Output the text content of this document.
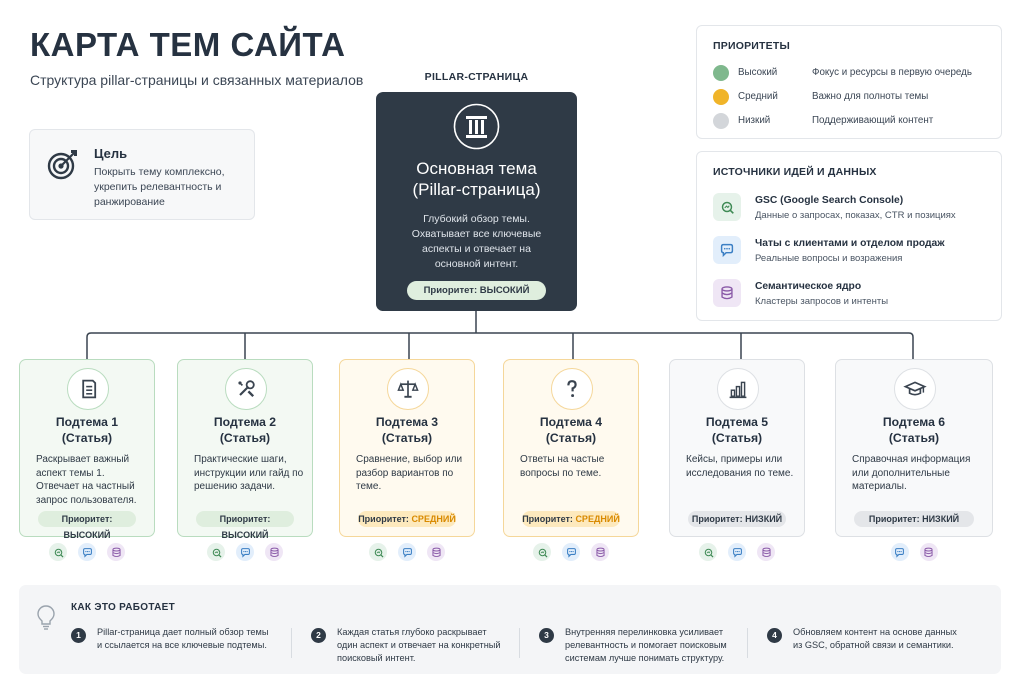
КАРТА ТЕМ САЙТА
Структура pillar-страницы и связанных материалов
Цель
Покрыть тему комплексно, укрепить релевантность и ранжирование
PILLAR-СТРАНИЦА
Основная тема
(Pillar-страница)
Глубокий обзор темы. Охватывает все ключевые аспекты и отвечает на основной интент.
Приоритет: ВЫСОКИЙ
ПРИОРИТЕТЫ
Высокий	Фокус и ресурсы в первую очередь
Средний	Важно для полноты темы
Низкий	Поддерживающий контент
ИСТОЧНИКИ ИДЕЙ И ДАННЫХ
GSC (Google Search Console)
Данные о запросах, показах, CTR и позициях
Чаты с клиентами и отделом продаж
Реальные вопросы и возражения
Семантическое ядро
Кластеры запросов и интенты
Подтема 1
(Статья)
Раскрывает важный аспект темы 1. Отвечает на частный запрос пользователя.
Приоритет: ВЫСОКИЙ
Подтема 2
(Статья)
Практические шаги, инструкции или гайд по решению задачи.
Приоритет: ВЫСОКИЙ
Подтема 3
(Статья)
Сравнение, выбор или разбор вариантов по теме.
Приоритет: СРЕДНИЙ
Подтема 4
(Статья)
Ответы на частые вопросы по теме.
Приоритет: СРЕДНИЙ
Подтема 5
(Статья)
Кейсы, примеры или исследования по теме.
Приоритет: НИЗКИЙ
Подтема 6
(Статья)
Справочная информация или дополнительные материалы.
Приоритет: НИЗКИЙ
КАК ЭТО РАБОТАЕТ
1	Pillar-страница дает полный обзор темы
и ссылается на все ключевые подтемы.
2	Каждая статья глубоко раскрывает
один аспект и отвечает на конкретный
поисковый интент.
3	Внутренняя перелинковка усиливает
релевантность и помогает поисковым
системам лучше понимать структуру.
4	Обновляем контент на основе данных
из GSC, обратной связи и семантики.
